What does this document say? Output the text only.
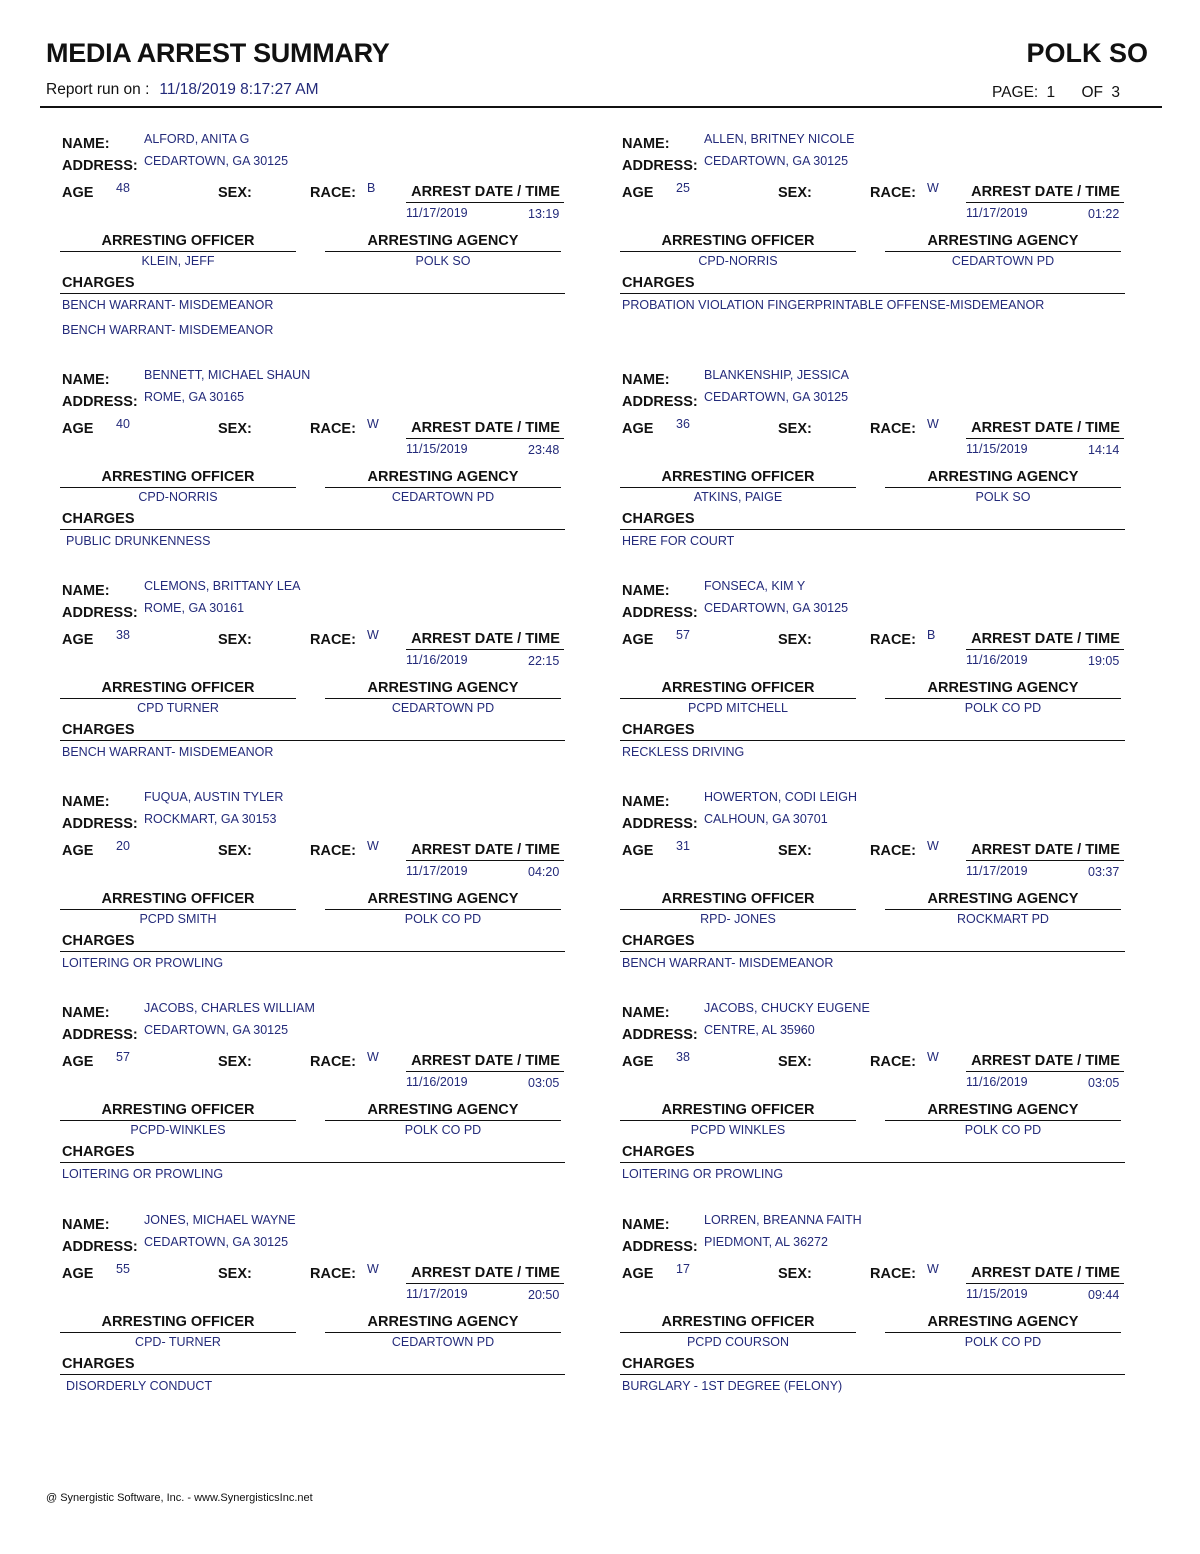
MEDIA ARREST SUMMARY	POLK SO
Report run on : 11/18/2019 8:17:27 AM	PAGE: 1 OF 3
NAME:	ALFORD, ANITA G
ADDRESS: CEDARTOWN, GA 30125
AGE 48	SEX:	RACE: B ARREST DATE / TIME
11/17/2019	13:19
ARRESTING OFFICER
KLEIN, JEFF
ARRESTING AGENCY
POLK SO
CHARGES
BENCH WARRANT- MISDEMEANOR
BENCH WARRANT- MISDEMEANOR
NAME:	ALLEN, BRITNEY NICOLE
ADDRESS: CEDARTOWN, GA 30125
AGE 25	SEX:	RACE: W ARREST DATE / TIME
11/17/2019	01:22
ARRESTING OFFICER
CPD-NORRIS
ARRESTING AGENCY
CEDARTOWN PD
CHARGES
PROBATION VIOLATION FINGERPRINTABLE OFFENSE-MISDEMEANOR
NAME:	BENNETT, MICHAEL SHAUN
ADDRESS: ROME, GA 30165
AGE 40	SEX:	RACE: W ARREST DATE / TIME
11/15/2019	23:48
ARRESTING OFFICER
CPD-NORRIS
ARRESTING AGENCY
CEDARTOWN PD
CHARGES
PUBLIC DRUNKENNESS
NAME:	BLANKENSHIP, JESSICA
ADDRESS: CEDARTOWN, GA 30125
AGE 36	SEX:	RACE: W ARREST DATE / TIME
11/15/2019	14:14
ARRESTING OFFICER
ATKINS, PAIGE
ARRESTING AGENCY
POLK SO
CHARGES
HERE FOR COURT
NAME:	CLEMONS, BRITTANY LEA
ADDRESS: ROME, GA 30161
AGE 38	SEX:	RACE: W ARREST DATE / TIME
11/16/2019	22:15
ARRESTING OFFICER
CPD TURNER
ARRESTING AGENCY
CEDARTOWN PD
CHARGES
BENCH WARRANT- MISDEMEANOR
NAME:	FONSECA, KIM Y
ADDRESS: CEDARTOWN, GA 30125
AGE 57	SEX:	RACE: B ARREST DATE / TIME
11/16/2019	19:05
ARRESTING OFFICER
PCPD MITCHELL
ARRESTING AGENCY
POLK CO PD
CHARGES
RECKLESS DRIVING
NAME:	FUQUA, AUSTIN TYLER
ADDRESS: ROCKMART, GA 30153
AGE 20	SEX:	RACE: W ARREST DATE / TIME
11/17/2019	04:20
ARRESTING OFFICER
PCPD SMITH
ARRESTING AGENCY
POLK CO PD
CHARGES
LOITERING OR PROWLING
NAME:	HOWERTON, CODI LEIGH
ADDRESS: CALHOUN, GA 30701
AGE 31	SEX:	RACE: W ARREST DATE / TIME
11/17/2019	03:37
ARRESTING OFFICER
RPD- JONES
ARRESTING AGENCY
ROCKMART PD
CHARGES
BENCH WARRANT- MISDEMEANOR
NAME:	JACOBS, CHARLES WILLIAM
ADDRESS: CEDARTOWN, GA 30125
AGE 57	SEX:	RACE: W ARREST DATE / TIME
11/16/2019	03:05
ARRESTING OFFICER
PCPD-WINKLES
ARRESTING AGENCY
POLK CO PD
CHARGES
LOITERING OR PROWLING
NAME:	JACOBS, CHUCKY EUGENE
ADDRESS: CENTRE, AL 35960
AGE 38	SEX:	RACE: W ARREST DATE / TIME
11/16/2019	03:05
ARRESTING OFFICER
PCPD WINKLES
ARRESTING AGENCY
POLK CO PD
CHARGES
LOITERING OR PROWLING
NAME:	JONES, MICHAEL WAYNE
ADDRESS: CEDARTOWN, GA 30125
AGE 55	SEX:	RACE: W ARREST DATE / TIME
11/17/2019	20:50
ARRESTING OFFICER
CPD- TURNER
ARRESTING AGENCY
CEDARTOWN PD
CHARGES
DISORDERLY CONDUCT
NAME:	LORREN, BREANNA FAITH
ADDRESS: PIEDMONT, AL 36272
AGE 17	SEX:	RACE: W ARREST DATE / TIME
11/15/2019	09:44
ARRESTING OFFICER
PCPD COURSON
ARRESTING AGENCY
POLK CO PD
CHARGES
BURGLARY - 1ST DEGREE (FELONY)
@ Synergistic Software, Inc. - www.SynergisticsInc.net
